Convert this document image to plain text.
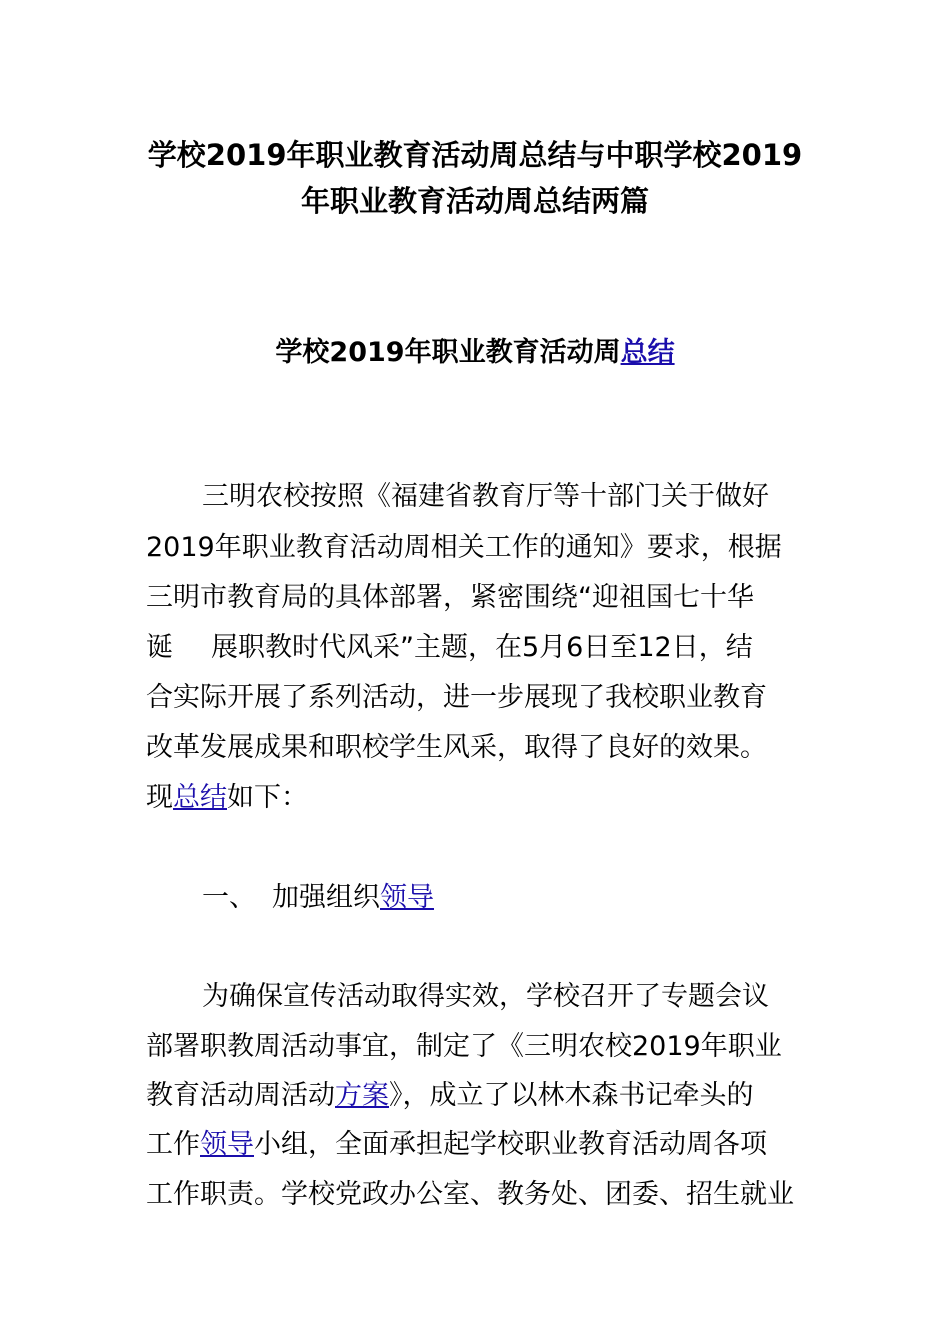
学校2019年职业教育活动周总结与中职学校2019
年职业教育活动周总结两篇
学校2019年职业教育活动周总结
三明农校按照《福建省教育厅等十部门关于做好
2019年职业教育活动周相关工作的通知》要求，根据
三明市教育局的具体部署，紧密围绕“迎祖国七十华
诞 展职教时代风采”主题，在5月6日至12日，结
合实际开展了系列活动，进一步展现了我校职业教育
改革发展成果和职校学生风采，取得了良好的效果。
现总结如下：
一、 加强组织领导
为确保宣传活动取得实效，学校召开了专题会议
部署职教周活动事宜，制定了《三明农校2019年职业
教育活动周活动方案》，成立了以林木森书记牵头的
工作领导小组，全面承担起学校职业教育活动周各项
工作职责。学校党政办公室、教务处、团委、招生就业
